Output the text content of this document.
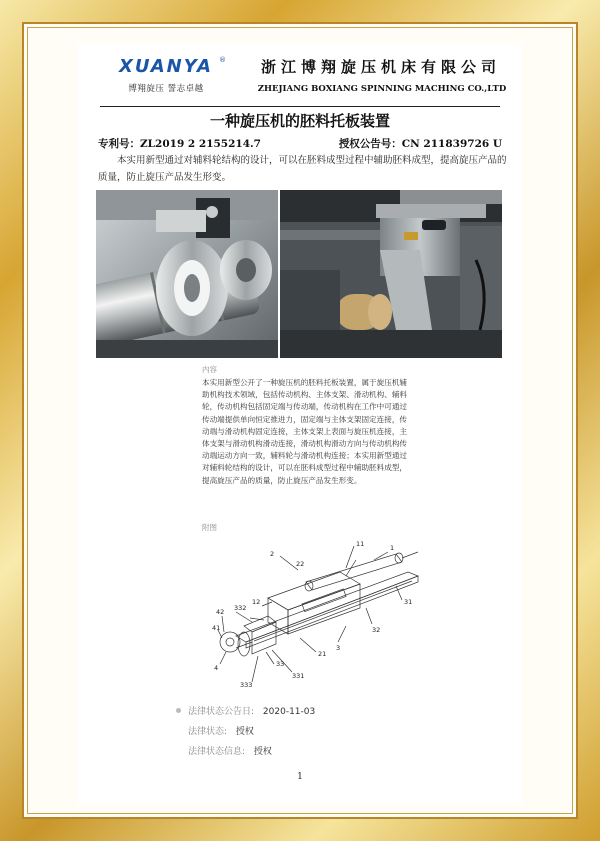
XUANYA ®
博翔旋压 誓志卓越
浙江博翔旋压机床有限公司
ZHEJIANG BOXIANG SPINNING MACHING CO.,LTD
一种旋压机的胚料托板装置
专利号：ZL2019 2 2155214.7	授权公告号：CN 211839726 U
本实用新型通过对辅料轮结构的设计，可以在胚料成型过程中辅助胚料成型，提高旋压产品的质量，防止旋压产品发生形变。
内容
本实用新型公开了一种旋压机的胚料托板装置，属于旋压机辅助机构技术领域，包括传动机构、主体支架、滑动机构、辅料轮，传动机构包括固定端与传动端，传动机构在工作中可通过传动端提供单向恒定推进力，固定端与主体支架固定连接，传动端与滑动机构固定连接，主体支架上表面与旋压机连接，主体支架与滑动机构滑动连接，滑动机构滑动方向与传动机构传动端运动方向一致，辅料轮与滑动机构连接；本实用新型通过对辅料轮结构的设计，可以在胚料成型过程中辅助胚料成型，提高旋压产品的质量，防止旋压产品发生形变。
附图
1
11
2
22
12
332
42
41
4
333
33
331
21
3
32
31
法律状态公告日: 2020-11-03
法律状态: 授权
法律状态信息: 授权
1
